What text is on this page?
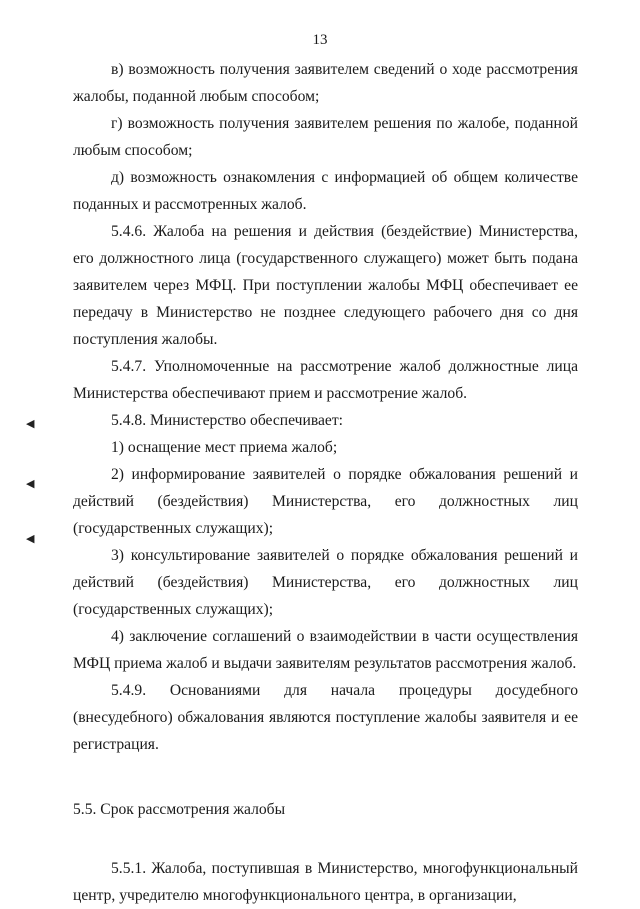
13
◀
◀
◀

в) возможность получения заявителем сведений о ходе рассмотрения жалобы, поданной любым способом;

г) возможность получения заявителем решения по жалобе, поданной любым способом;

д) возможность ознакомления с информацией об общем количестве поданных и рассмотренных жалоб.

5.4.6. Жалоба на решения и действия (бездействие) Министерства, его должностного лица (государственного служащего) может быть подана заявителем через МФЦ. При поступлении жалобы МФЦ обеспечивает ее передачу в Министерство не позднее следующего рабочего дня со дня поступления жалобы.

5.4.7. Уполномоченные на рассмотрение жалоб должностные лица Министерства обеспечивают прием и рассмотрение жалоб.

5.4.8. Министерство обеспечивает:

1) оснащение мест приема жалоб;

2) информирование заявителей о порядке обжалования решений и действий (бездействия) Министерства, его должностных лиц (государственных служащих);

3) консультирование заявителей о порядке обжалования решений и действий (бездействия) Министерства, его должностных лиц (государственных служащих);

4) заключение соглашений о взаимодействии в части осуществления МФЦ приема жалоб и выдачи заявителям результатов рассмотрения жалоб.

5.4.9. Основаниями для начала процедуры досудебного (внесудебного) обжалования являются поступление жалобы заявителя и ее регистрация.

5.5. Срок рассмотрения жалобы

5.5.1. Жалоба, поступившая в Министерство, многофункциональный центр, учредителю многофункционального центра, в организации,
